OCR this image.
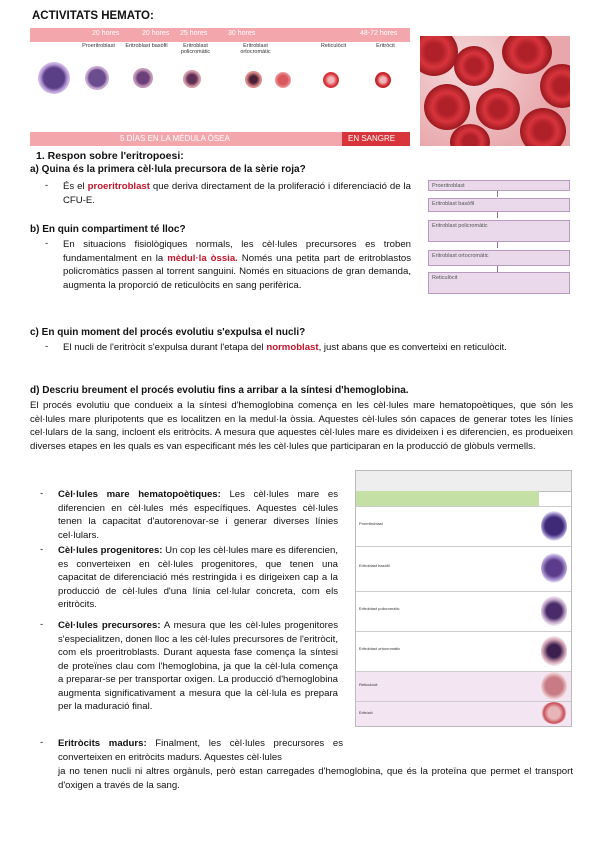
ACTIVITATS HEMATO:
20 hores	20 hores 25 hores	30 hores	48-72 hores
Proeritroblast	Eritroblast basòfil	Eritroblast policromàtic
Eritroblast ortocromàtic
Reticulòcit	Eritròcit
5 DÍAS EN LA MÉDULA ÓSEA	EN SANGRE
1. Respon sobre l'eritropoesi:
a) Quina és la primera cèl·lula precursora de la sèrie roja?
- És el proeritroblast que deriva directament de la proliferació i diferenciació de la CFU-E.
b) En quin compartiment té lloc?
- En situacions fisiològiques normals, les cèl·lules precursores es troben fundamentalment en la mèdul·la òssia. Només una petita part de eritroblastos policromàtics passen al torrent sanguini. Només en situacions de gran demanda, augmenta la proporció de reticulòcits en sang perifèrica.
Proeritroblast
Eritroblast basòfil
Eritroblast policromàtic
Eritroblast ortocromàtic
Reticulòcit
c) En quin moment del procés evolutiu s'expulsa el nucli?
- El nucli de l'eritròcit s'expulsa durant l'etapa del normoblast, just abans que es converteixi en reticulòcit.
d) Descriu breument el procés evolutiu fins a arribar a la síntesi d'hemoglobina.
El procés evolutiu que condueix a la síntesi d'hemoglobina comença en les cèl·lules mare hematopoètiques, que són les cèl·lules mare pluripotents que es localitzen en la medul·la òssia. Aquestes cèl·lules són capaces de generar totes les línies cel·lulars de la sang, incloent els eritròcits. A mesura que aquestes cèl·lules mare es divideixen i es diferencien, es produeixen diverses etapes en les quals es van especificant més les cèl·lules que participaran en la producció de glòbuls vermells.
- Cèl·lules mare hematopoètiques: Les cèl·lules mare es diferencien en cèl·lules més específiques. Aquestes cèl·lules tenen la capacitat d'autorenovar-se i generar diverses línies cel·lulars.
- Cèl·lules progenitores: Un cop les cèl·lules mare es diferencien, es converteixen en cèl·lules progenitores, que tenen una capacitat de diferenciació més restringida i es dirigeixen cap a la producció de cèl·lules d'una línia cel·lular concreta, com els eritròcits.
- Cèl·lules precursores: A mesura que les cèl·lules progenitores s'especialitzen, donen lloc a les cèl·lules precursores de l'eritròcit, com els proeritroblasts. Durant aquesta fase comença la síntesi de proteïnes clau com l'hemoglobina, ja que la cèl·lula comença a preparar-se per transportar oxigen. La producció d'hemoglobina augmenta significativament a mesura que la cèl·lula es prepara per la maduració final.
- Eritròcits madurs: Finalment, les cèl·lules precursores es converteixen en eritròcits madurs. Aquestes cèl·lules
ja no tenen nucli ni altres orgànuls, però estan carregades d'hemoglobina, que és la proteïna que permet el transport d'oxigen a través de la sang.
Proeritroblast
Eritroblast basòfil
Eritroblast policromàtic
Eritroblast ortocromàtic
Reticulòcit
Eritròcit
